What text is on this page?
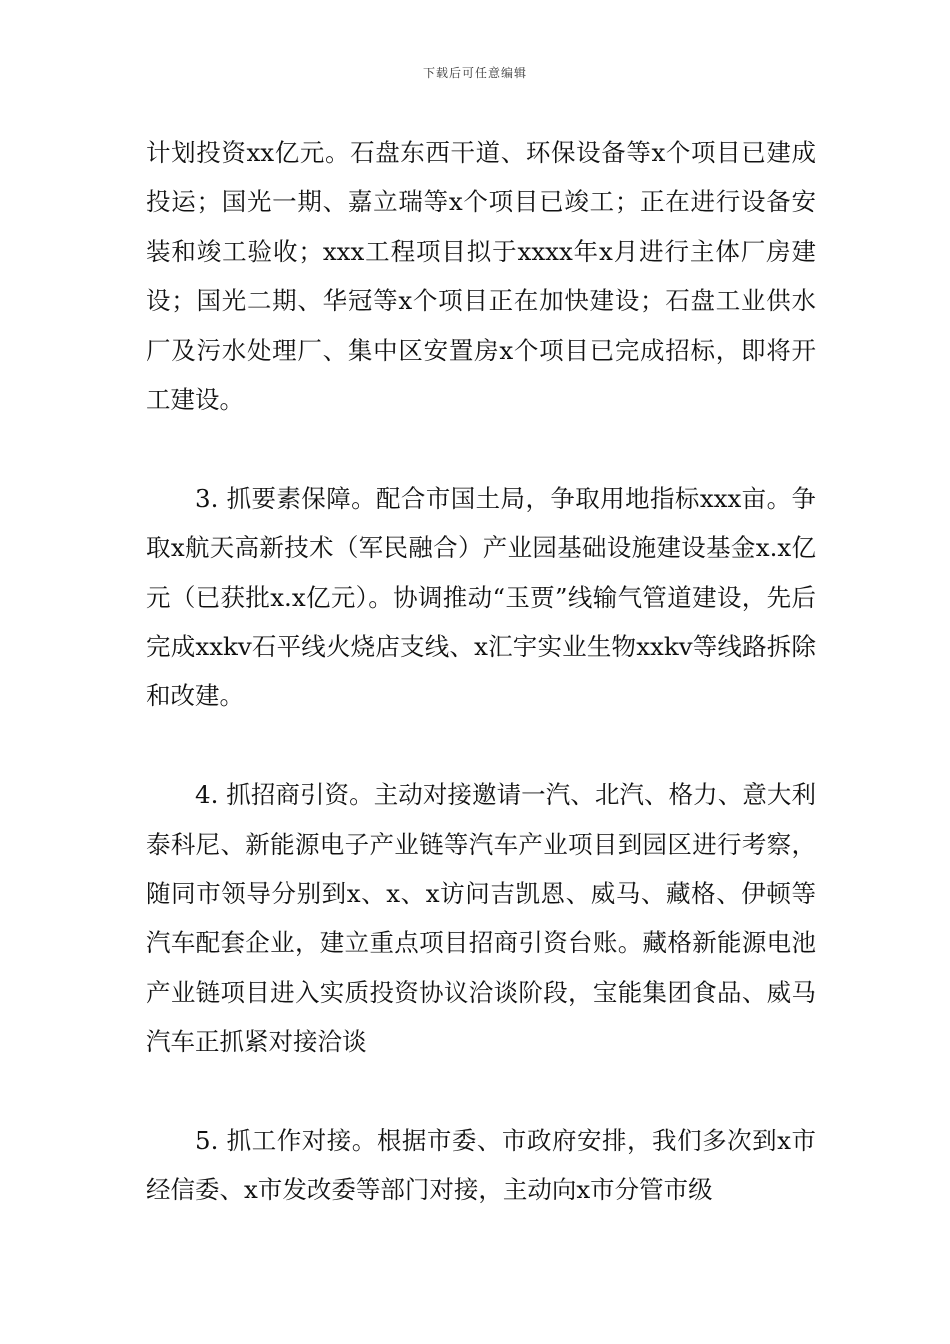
下载后可任意编辑

计划投资xx亿元。石盘东西干道、环保设备等x个项目已建成投运；国光一期、嘉立瑞等x个项目已竣工；正在进行设备安装和竣工验收；xxx工程项目拟于xxxx年x月进行主体厂房建设；国光二期、华冠等x个项目正在加快建设；石盘工业供水厂及污水处理厂、集中区安置房x个项目已完成招标，即将开工建设。

3. 抓要素保障。配合市国土局，争取用地指标xxx亩。争取x航天高新技术（军民融合）产业园基础设施建设基金x.x亿元（已获批x.x亿元）。协调推动“玉贾”线输气管道建设，先后完成xxkv石平线火烧店支线、x汇宇实业生物xxkv等线路拆除和改建。

4. 抓招商引资。主动对接邀请一汽、北汽、格力、意大利泰科尼、新能源电子产业链等汽车产业项目到园区进行考察，随同市领导分别到x、x、x访问吉凯恩、威马、藏格、伊顿等汽车配套企业，建立重点项目招商引资台账。藏格新能源电池产业链项目进入实质投资协议洽谈阶段，宝能集团食品、威马汽车正抓紧对接洽谈

5. 抓工作对接。根据市委、市政府安排，我们多次到x市经信委、x市发改委等部门对接，主动向x市分管市级
